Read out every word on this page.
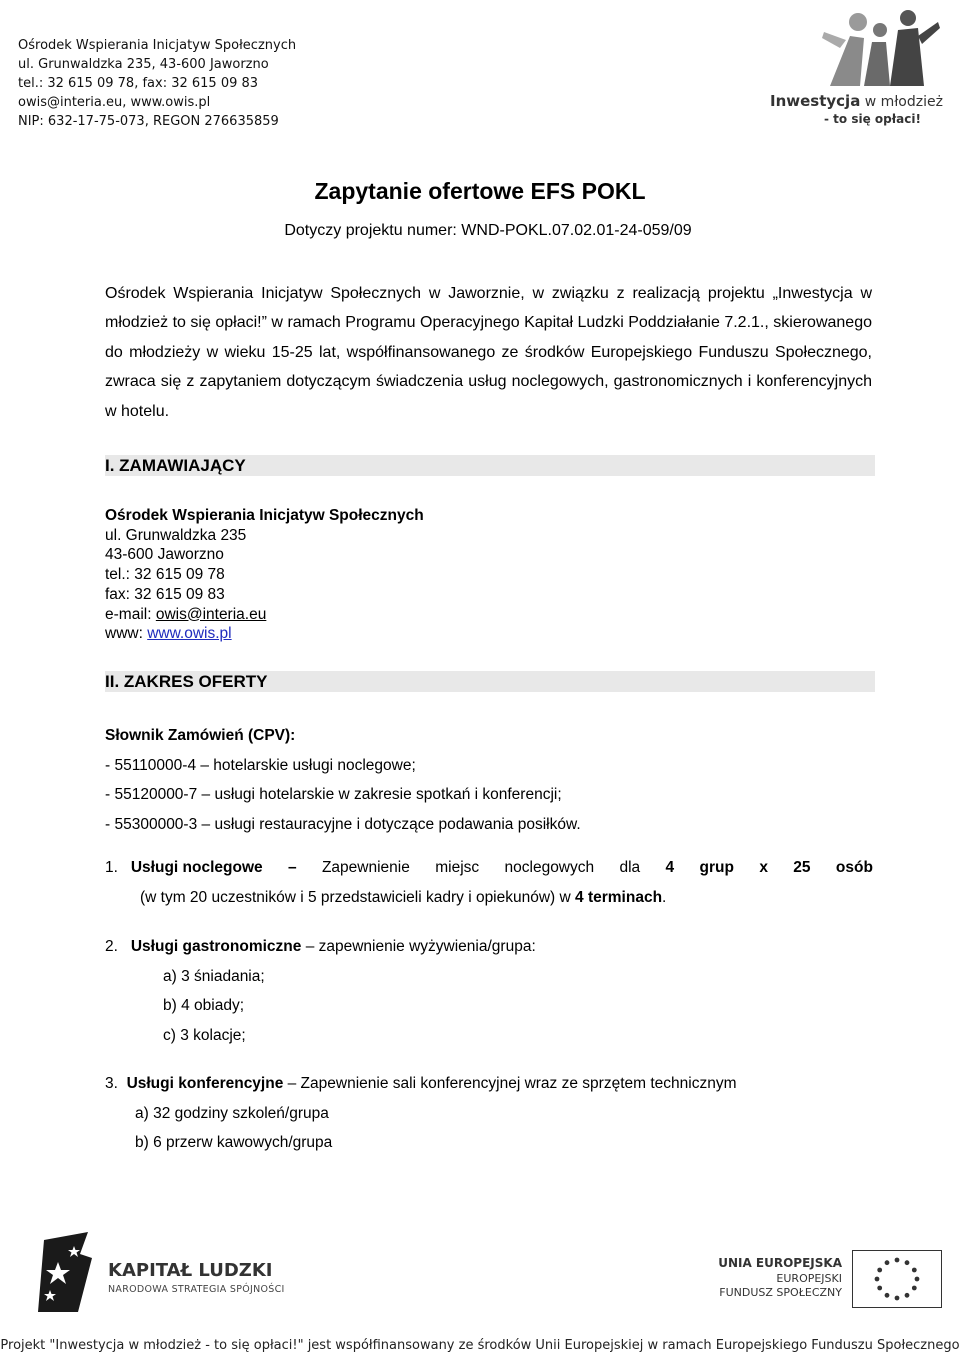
Ośrodek Wspierania Inicjatyw Społecznych
ul. Grunwaldzka 235, 43-600 Jaworzno
tel.: 32 615 09 78, fax: 32 615 09 83
owis@interia.eu, www.owis.pl
NIP: 632-17-75-073, REGON 276635859
Inwestycja w młodzież
- to się opłaci!
Zapytanie ofertowe EFS POKL
Dotyczy projektu numer: WND-POKL.07.02.01-24-059/09
Ośrodek Wspierania Inicjatyw Społecznych w Jaworznie, w związku z realizacją projektu „Inwestycja w młodzież to się opłaci!” w ramach Programu Operacyjnego Kapitał Ludzki Poddziałanie 7.2.1., skierowanego do młodzieży w wieku 15-25 lat, współfinansowanego ze środków Europejskiego Funduszu Społecznego, zwraca się z zapytaniem dotyczącym świadczenia usług noclegowych, gastronomicznych i konferencyjnych w hotelu.
I. ZAMAWIAJĄCY
Ośrodek Wspierania Inicjatyw Społecznych
ul. Grunwaldzka 235
43-600 Jaworzno
tel.: 32 615 09 78
fax: 32 615 09 83
e-mail: owis@interia.eu
www: www.owis.pl
II. ZAKRES OFERTY
Słownik Zamówień (CPV):
- 55110000-4 – hotelarskie usługi noclegowe;
- 55120000-7 – usługi hotelarskie w zakresie spotkań i konferencji;
- 55300000-3 – usługi restauracyjne i dotyczące podawania posiłków.
1. Usługi noclegowe – Zapewnienie miejsc noclegowych dla 4 grup x 25 osób
(w tym 20 uczestników i 5 przedstawicieli kadry i opiekunów) w 4 terminach.
2. Usługi gastronomiczne – zapewnienie wyżywienia/grupa:
a) 3 śniadania;
b) 4 obiady;
c) 3 kolacje;
3. Usługi konferencyjne – Zapewnienie sali konferencyjnej wraz ze sprzętem technicznym
a) 32 godziny szkoleń/grupa
b) 6 przerw kawowych/grupa
KAPITAŁ LUDZKI
NARODOWA STRATEGIA SPÓJNOŚCI
UNIA EUROPEJSKA
EUROPEJSKI
FUNDUSZ SPOŁECZNY
Projekt "Inwestycja w młodzież - to się opłaci!" jest współfinansowany ze środków Unii Europejskiej w ramach Europejskiego Funduszu Społecznego
